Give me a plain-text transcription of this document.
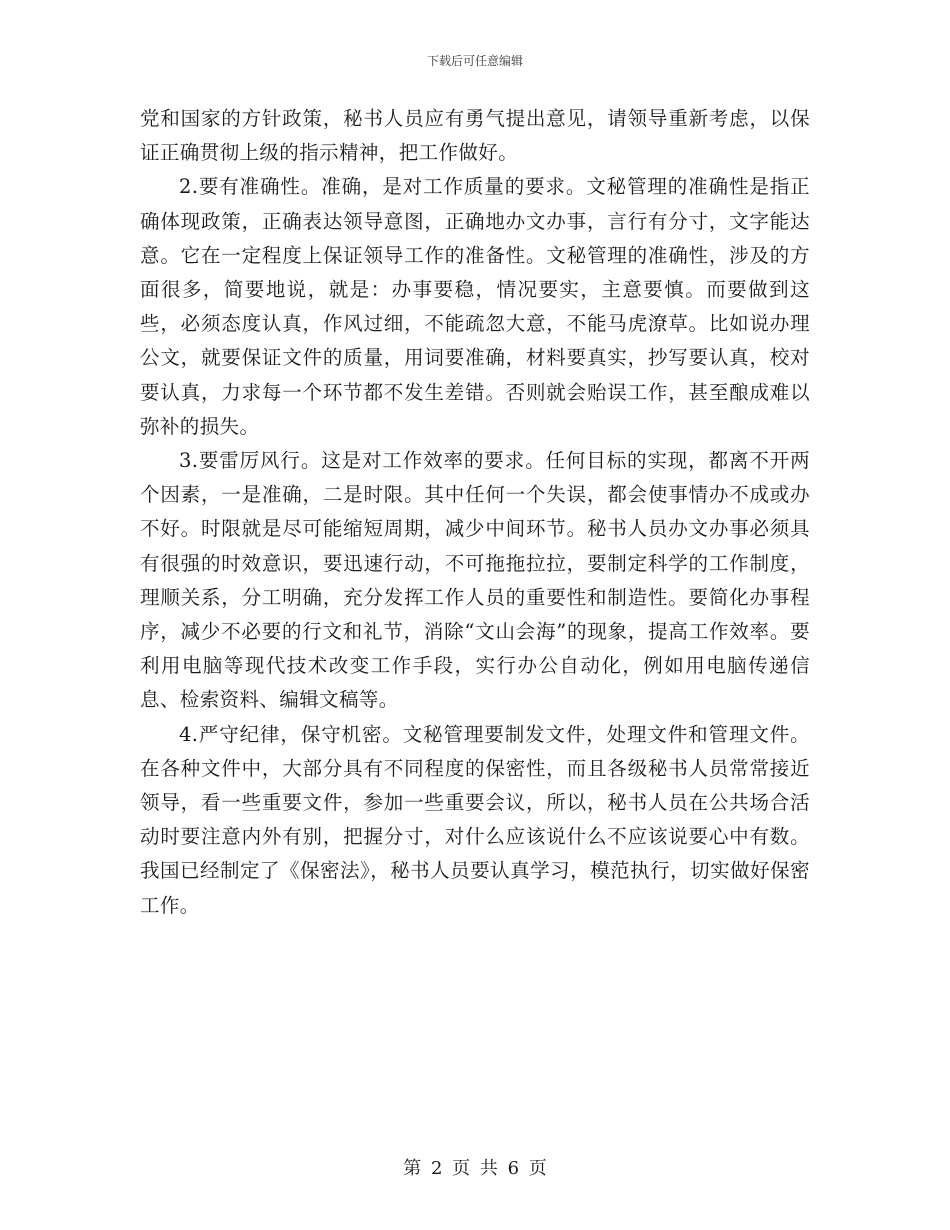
下载后可任意编辑

党和国家的方针政策，秘书人员应有勇气提出意见，请领导重新考虑，以保证正确贯彻上级的指示精神，把工作做好。

2.要有准确性。准确，是对工作质量的要求。文秘管理的准确性是指正确体现政策，正确表达领导意图，正确地办文办事，言行有分寸，文字能达意。它在一定程度上保证领导工作的准备性。文秘管理的准确性，涉及的方面很多，简要地说，就是：办事要稳，情况要实，主意要慎。而要做到这些，必须态度认真，作风过细，不能疏忽大意，不能马虎潦草。比如说办理公文，就要保证文件的质量，用词要准确，材料要真实，抄写要认真，校对要认真，力求每一个环节都不发生差错。否则就会贻误工作，甚至酿成难以弥补的损失。

3.要雷厉风行。这是对工作效率的要求。任何目标的实现，都离不开两个因素，一是准确，二是时限。其中任何一个失误，都会使事情办不成或办不好。时限就是尽可能缩短周期，减少中间环节。秘书人员办文办事必须具有很强的时效意识，要迅速行动，不可拖拖拉拉，要制定科学的工作制度，理顺关系，分工明确，充分发挥工作人员的重要性和制造性。要简化办事程序，减少不必要的行文和礼节，消除“文山会海”的现象，提高工作效率。要利用电脑等现代技术改变工作手段，实行办公自动化，例如用电脑传递信息、检索资料、编辑文稿等。

4.严守纪律，保守机密。文秘管理要制发文件，处理文件和管理文件。在各种文件中，大部分具有不同程度的保密性，而且各级秘书人员常常接近领导，看一些重要文件，参加一些重要会议，所以，秘书人员在公共场合活动时要注意内外有别，把握分寸，对什么应该说什么不应该说要心中有数。我国已经制定了《保密法》，秘书人员要认真学习，模范执行，切实做好保密工作。

第 2 页 共 6 页
